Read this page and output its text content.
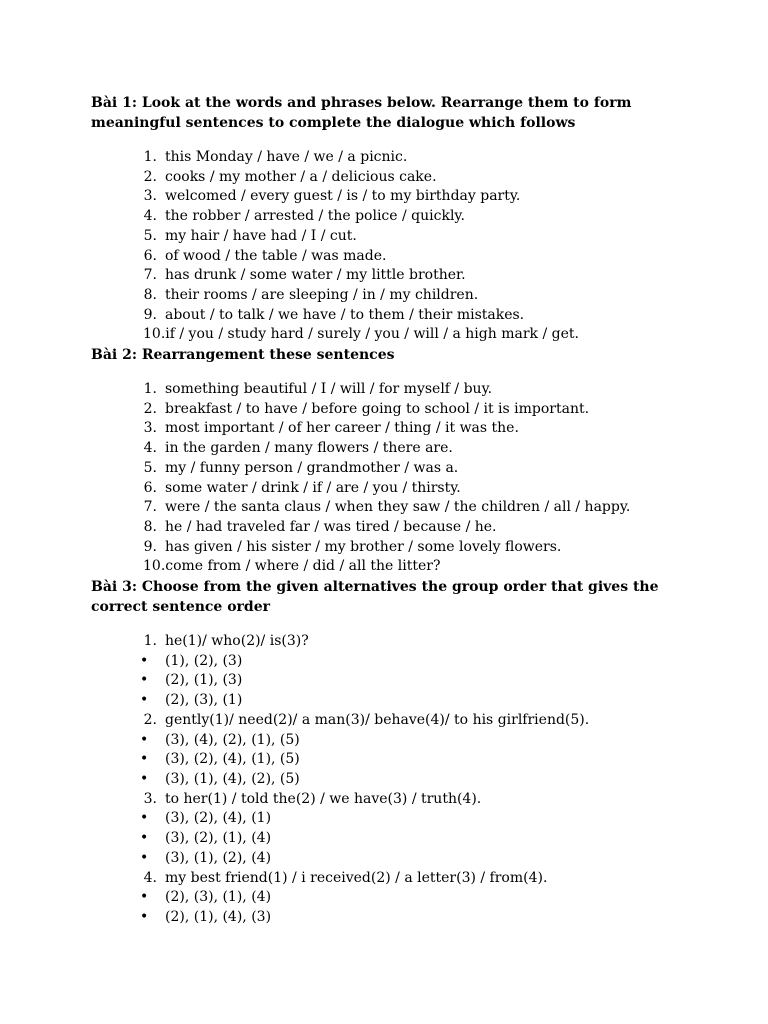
Bài 1: Look at the words and phrases below. Rearrange them to form meaningful sentences to complete the dialogue which follows

1. this Monday / have / we / a picnic.
2. cooks / my mother / a / delicious cake.
3. welcomed / every guest / is / to my birthday party.
4. the robber / arrested / the police / quickly.
5. my hair / have had / I / cut.
6. of wood / the table / was made.
7. has drunk / some water / my little brother.
8. their rooms / are sleeping / in / my children.
9. about / to talk / we have / to them / their mistakes.
10.if / you / study hard / surely / you / will / a high mark / get.

Bài 2: Rearrangement these sentences

1. something beautiful / I / will / for myself / buy.
2. breakfast / to have / before going to school / it is important.
3. most important / of her career / thing / it was the.
4. in the garden / many flowers / there are.
5. my / funny person / grandmother / was a.
6. some water / drink / if / are / you / thirsty.
7. were / the santa claus / when they saw / the children / all / happy.
8. he / had traveled far / was tired / because / he.
9. has given / his sister / my brother / some lovely flowers.
10.come from / where / did / all the litter?

Bài 3: Choose from the given alternatives the group order that gives the correct sentence order

1. he(1)/ who(2)/ is(3)?
• (1), (2), (3)
• (2), (1), (3)
• (2), (3), (1)
2. gently(1)/ need(2)/ a man(3)/ behave(4)/ to his girlfriend(5).
• (3), (4), (2), (1), (5)
• (3), (2), (4), (1), (5)
• (3), (1), (4), (2), (5)
3. to her(1) / told the(2) / we have(3) / truth(4).
• (3), (2), (4), (1)
• (3), (2), (1), (4)
• (3), (1), (2), (4)
4. my best friend(1) / i received(2) / a letter(3) / from(4).
• (2), (3), (1), (4)
• (2), (1), (4), (3)
